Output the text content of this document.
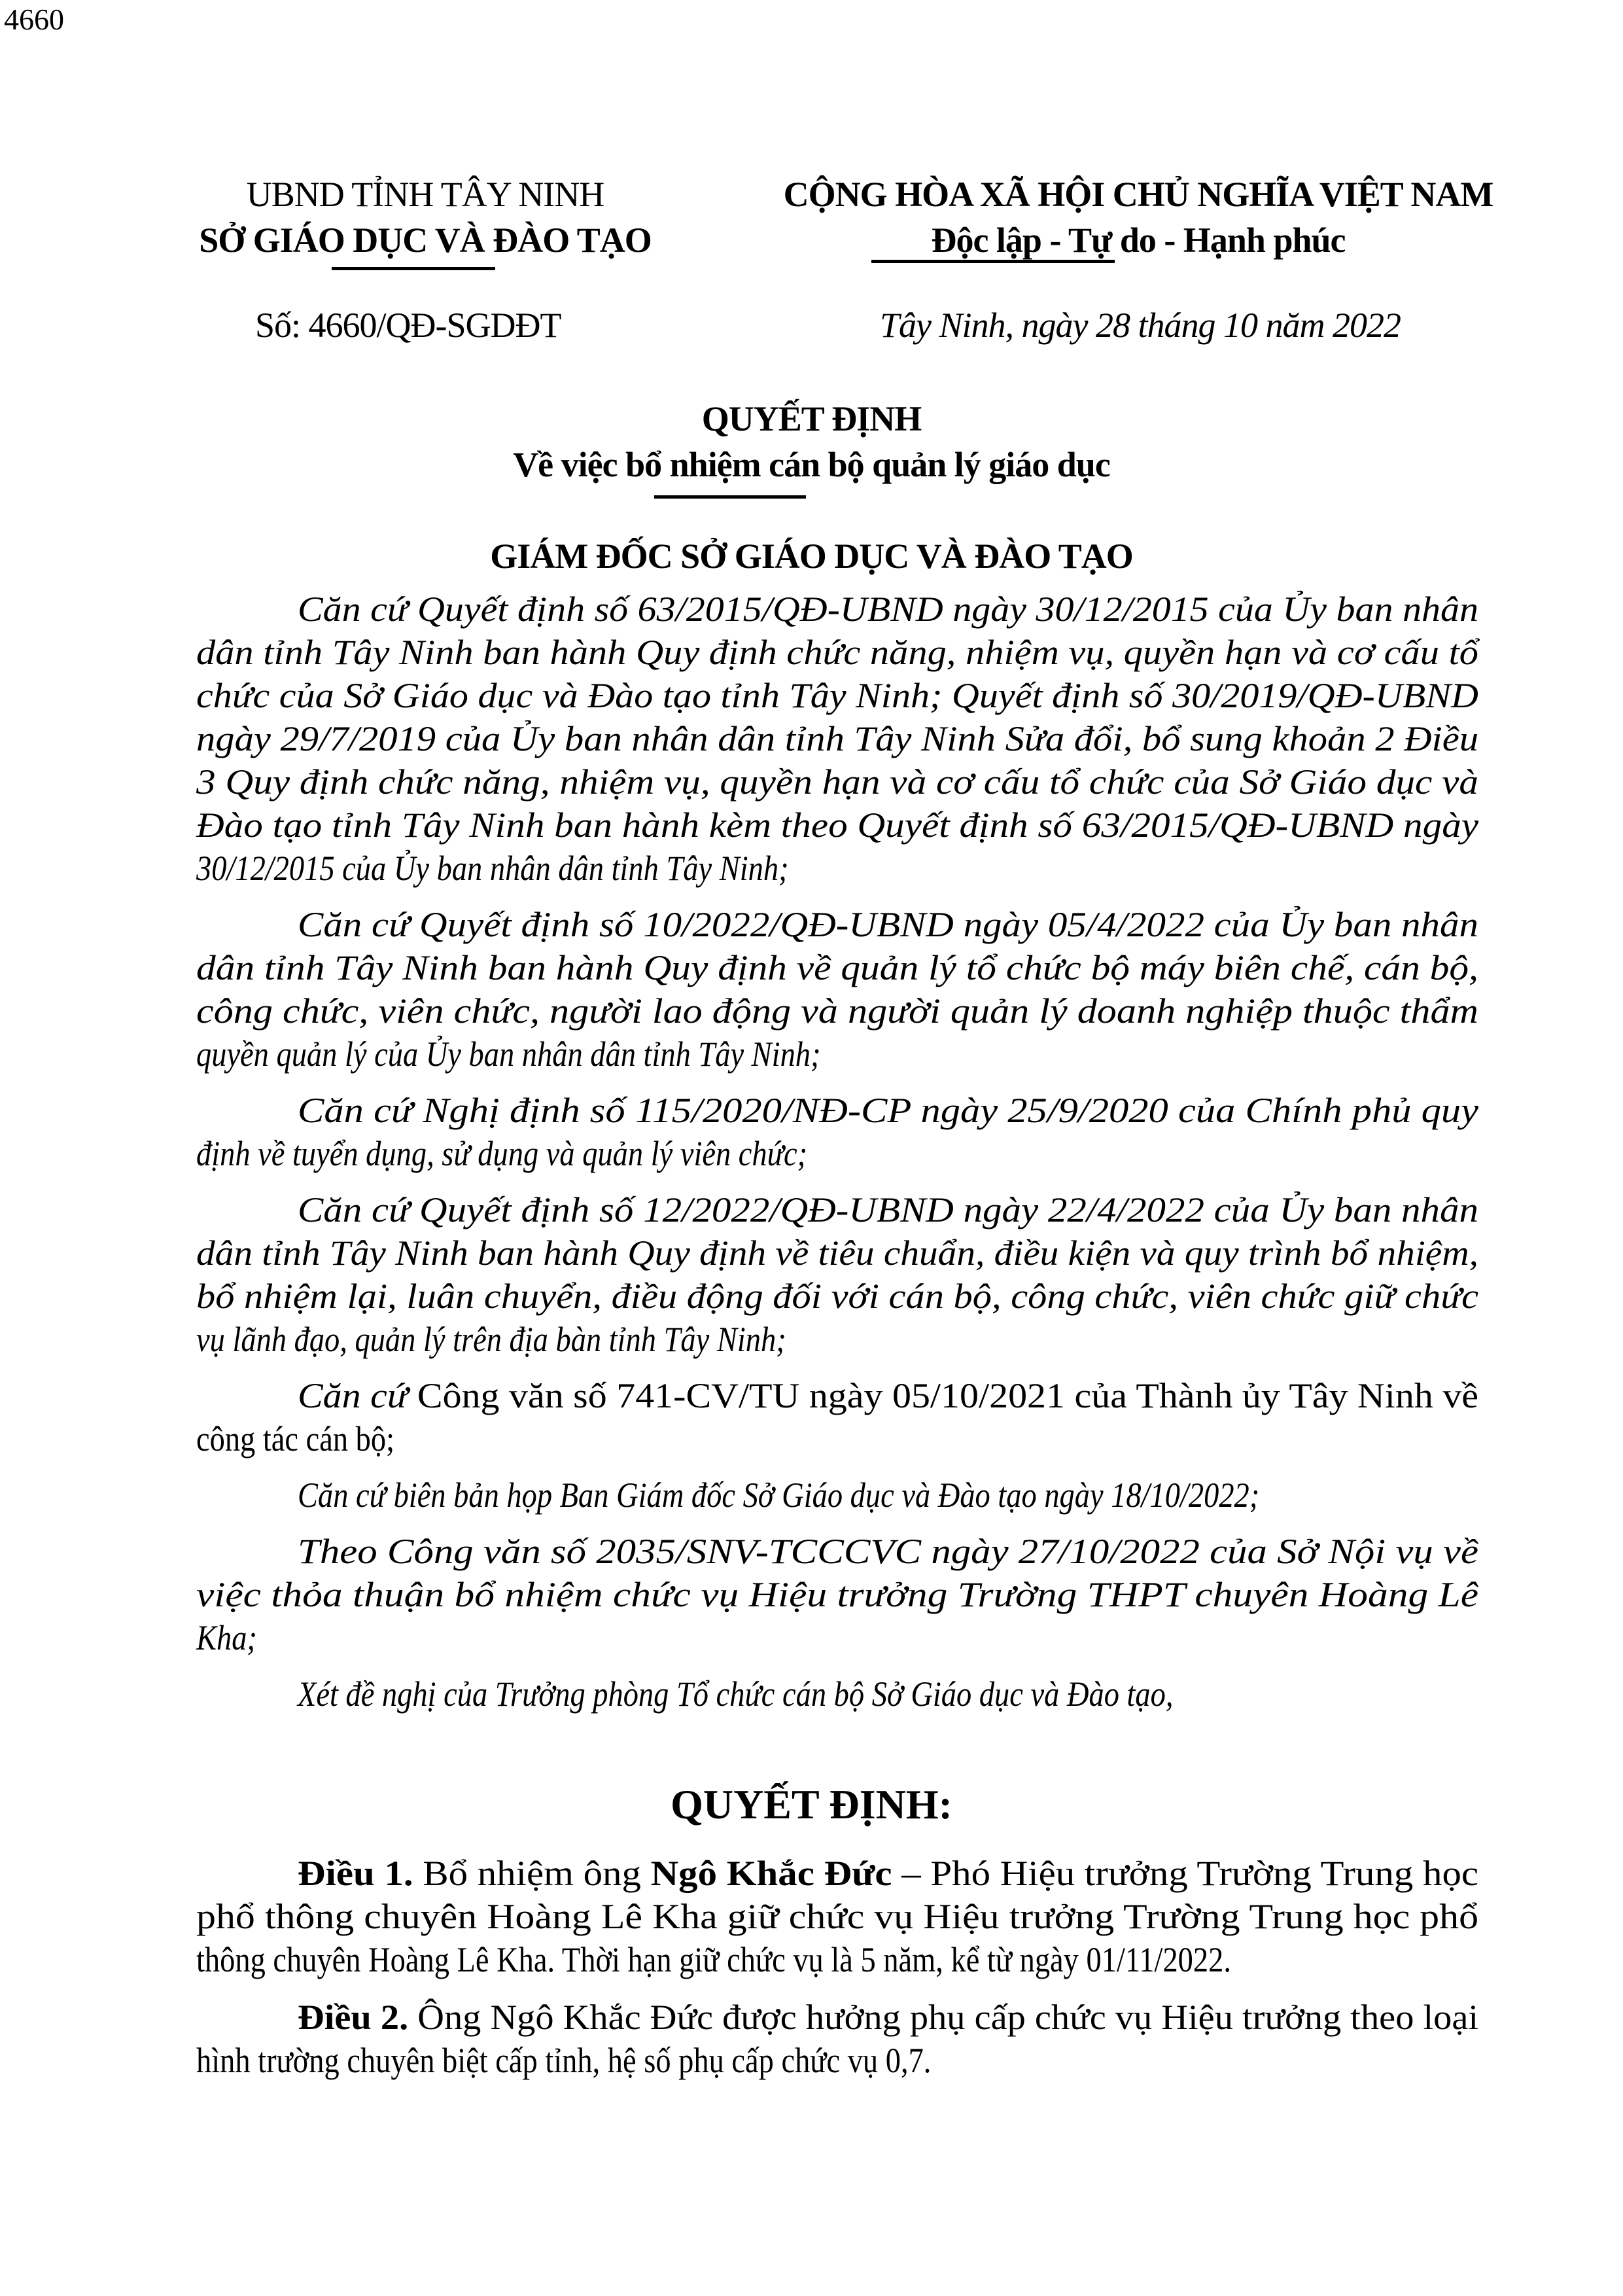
4660
UBND TỈNH TÂY NINH
SỞ GIÁO DỤC VÀ ĐÀO TẠO
CỘNG HÒA XÃ HỘI CHỦ NGHĨA VIỆT NAM
Độc lập - Tự do - Hạnh phúc
Số: 4660/QĐ-SGDĐT	Tây Ninh, ngày 28 tháng 10 năm 2022
QUYẾT ĐỊNH
Về việc bổ nhiệm cán bộ quản lý giáo dục
GIÁM ĐỐC SỞ GIÁO DỤC VÀ ĐÀO TẠO
Căn cứ Quyết định số 63/2015/QĐ-UBND ngày 30/12/2015 của Ủy ban nhân
dân tỉnh Tây Ninh ban hành Quy định chức năng, nhiệm vụ, quyền hạn và cơ cấu tổ
chức của Sở Giáo dục và Đào tạo tỉnh Tây Ninh; Quyết định số 30/2019/QĐ-UBND
ngày 29/7/2019 của Ủy ban nhân dân tỉnh Tây Ninh Sửa đổi, bổ sung khoản 2 Điều
3 Quy định chức năng, nhiệm vụ, quyền hạn và cơ cấu tổ chức của Sở Giáo dục và
Đào tạo tỉnh Tây Ninh ban hành kèm theo Quyết định số 63/2015/QĐ-UBND ngày
30/12/2015 của Ủy ban nhân dân tỉnh Tây Ninh;
Căn cứ Quyết định số 10/2022/QĐ-UBND ngày 05/4/2022 của Ủy ban nhân
dân tỉnh Tây Ninh ban hành Quy định về quản lý tổ chức bộ máy biên chế, cán bộ,
công chức, viên chức, người lao động và người quản lý doanh nghiệp thuộc thẩm
quyền quản lý của Ủy ban nhân dân tỉnh Tây Ninh;
Căn cứ Nghị định số 115/2020/NĐ-CP ngày 25/9/2020 của Chính phủ quy
định về tuyển dụng, sử dụng và quản lý viên chức;
Căn cứ Quyết định số 12/2022/QĐ-UBND ngày 22/4/2022 của Ủy ban nhân
dân tỉnh Tây Ninh ban hành Quy định về tiêu chuẩn, điều kiện và quy trình bổ nhiệm,
bổ nhiệm lại, luân chuyển, điều động đối với cán bộ, công chức, viên chức giữ chức
vụ lãnh đạo, quản lý trên địa bàn tỉnh Tây Ninh;
Căn cứ Công văn số 741-CV/TU ngày 05/10/2021 của Thành ủy Tây Ninh về
công tác cán bộ;
Căn cứ biên bản họp Ban Giám đốc Sở Giáo dục và Đào tạo ngày 18/10/2022;
Theo Công văn số 2035/SNV-TCCCVC ngày 27/10/2022 của Sở Nội vụ về
việc thỏa thuận bổ nhiệm chức vụ Hiệu trưởng Trường THPT chuyên Hoàng Lê
Kha;
Xét đề nghị của Trưởng phòng Tổ chức cán bộ Sở Giáo dục và Đào tạo,
QUYẾT ĐỊNH:
Điều 1. Bổ nhiệm ông Ngô Khắc Đức – Phó Hiệu trưởng Trường Trung học
phổ thông chuyên Hoàng Lê Kha giữ chức vụ Hiệu trưởng Trường Trung học phổ
thông chuyên Hoàng Lê Kha. Thời hạn giữ chức vụ là 5 năm, kể từ ngày 01/11/2022.
Điều 2. Ông Ngô Khắc Đức được hưởng phụ cấp chức vụ Hiệu trưởng theo loại
hình trường chuyên biệt cấp tỉnh, hệ số phụ cấp chức vụ 0,7.
